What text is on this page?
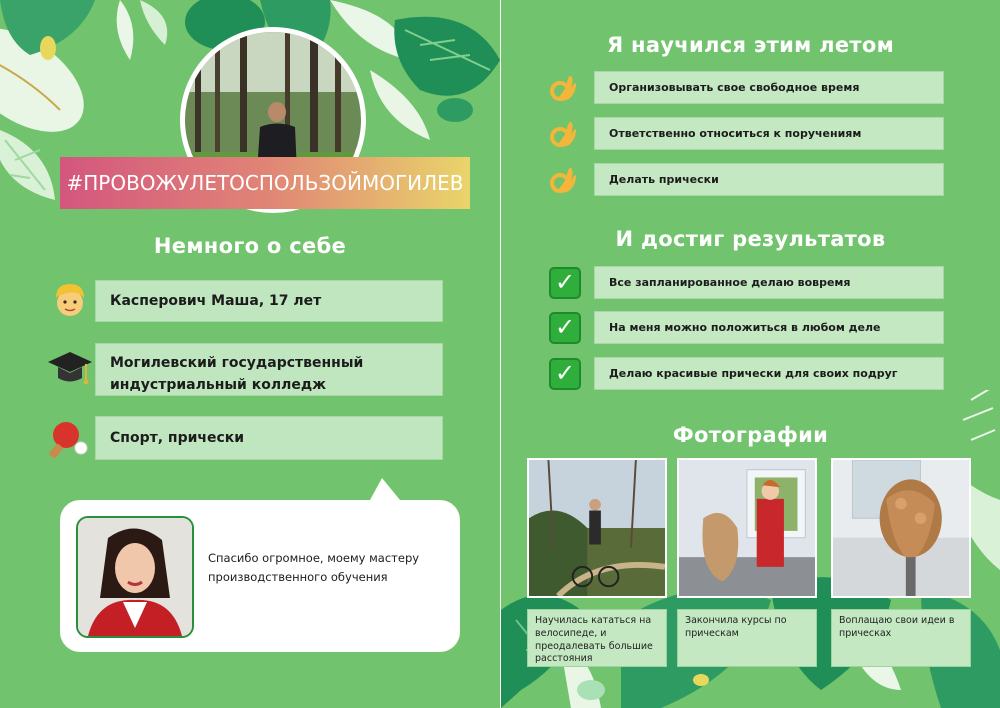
#ПРОВОЖУЛЕТОСПОЛЬЗОЙМОГИЛЕВ
Немного о себе
Касперович Маша, 17 лет
Могилевский государственный
индустриальный колледж
Спорт, прически
Спасибо огромное, моему мастеру
производственного обучения
Я научился этим летом
Организовывать свое свободное время
Ответственно относиться к поручениям
Делать прически
И достиг результатов
✓	Все запланированное делаю вовремя
✓	На меня можно положиться в любом деле
✓	Делаю красивые прически для своих подруг
Фотографии
Научилась кататься на велосипеде, и преодалевать большие расстояния
Закончила курсы по прическам
Воплащаю свои идеи в прическах
